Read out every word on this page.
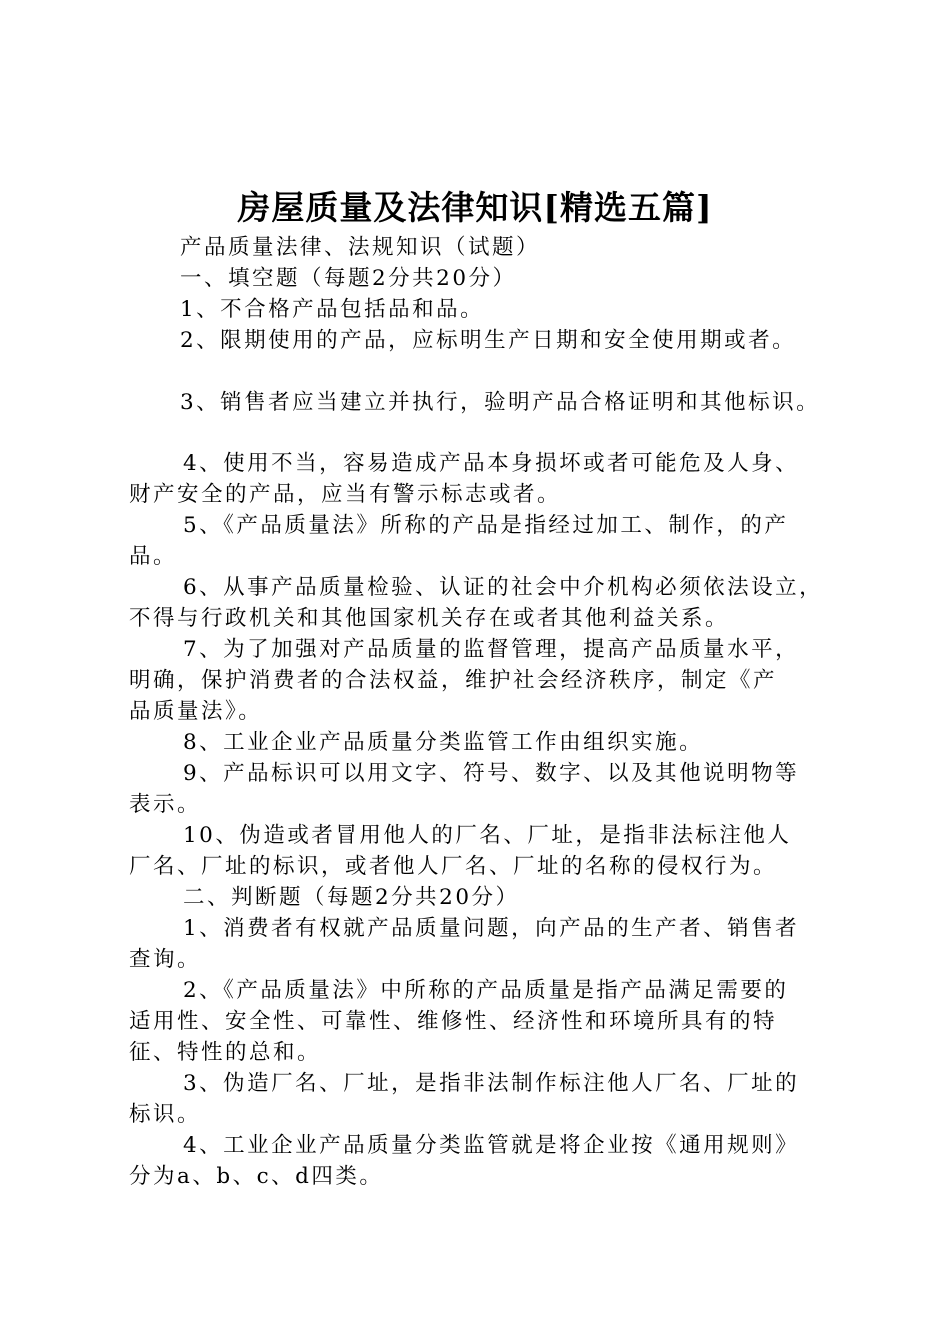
房屋质量及法律知识[精选五篇]
产品质量法律、法规知识（试题）
一、填空题（每题2分共20分）
1、不合格产品包括品和品。
2、限期使用的产品，应标明生产日期和安全使用期或者。
3、销售者应当建立并执行，验明产品合格证明和其他标识。
4、使用不当，容易造成产品本身损坏或者可能危及人身、
财产安全的产品，应当有警示标志或者。
5、《产品质量法》所称的产品是指经过加工、制作，的产
品。
6、从事产品质量检验、认证的社会中介机构必须依法设立，
不得与行政机关和其他国家机关存在或者其他利益关系。
7、为了加强对产品质量的监督管理，提高产品质量水平，
明确，保护消费者的合法权益，维护社会经济秩序，制定《产
品质量法》。
8、工业企业产品质量分类监管工作由组织实施。
9、产品标识可以用文字、符号、数字、以及其他说明物等
表示。
10、伪造或者冒用他人的厂名、厂址，是指非法标注他人
厂名、厂址的标识，或者他人厂名、厂址的名称的侵权行为。
二、判断题（每题2分共20分）
1、消费者有权就产品质量问题，向产品的生产者、销售者
查询。
2、《产品质量法》中所称的产品质量是指产品满足需要的
适用性、安全性、可靠性、维修性、经济性和环境所具有的特
征、特性的总和。
3、伪造厂名、厂址，是指非法制作标注他人厂名、厂址的
标识。
4、工业企业产品质量分类监管就是将企业按《通用规则》
分为a、b、c、d四类。
